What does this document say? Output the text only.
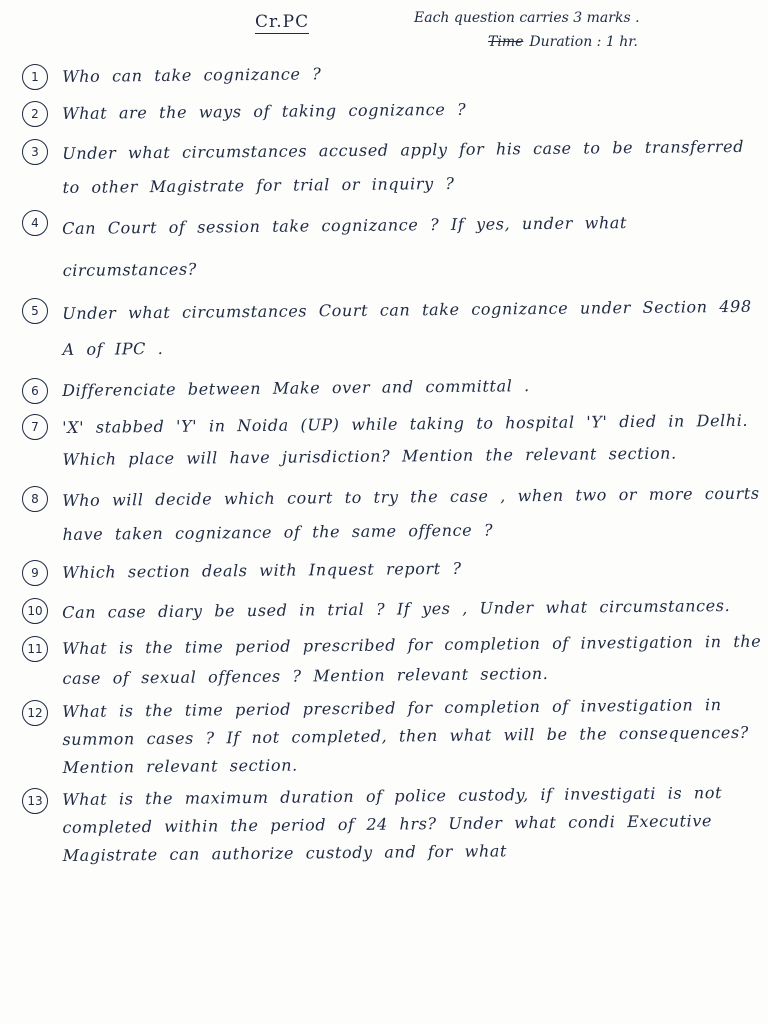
Cr.PC	Each question carries 3 marks .
Time Duration : 1 hr.
1	Who can take cognizance ?
2	What are the ways of taking cognizance ?
3	Under what circumstances accused apply for his case to be transferred to other Magistrate for trial or inquiry ?
4	Can Court of session take cognizance ? If yes, under what circumstances?
5	Under what circumstances Court can take cognizance under Section 498 A of IPC .
6	Differenciate between Make over and committal .
7	'X' stabbed 'Y' in Noida (UP) while taking to hospital 'Y' died in Delhi. Which place will have jurisdiction? Mention the relevant section.
8	Who will decide which court to try the case , when two or more courts have taken cognizance of the same offence ?
9	Which section deals with Inquest report ?
10	Can case diary be used in trial ? If yes , Under what circumstances.
11	What is the time period prescribed for completion of investigation in the case of sexual offences ? Mention relevant section.
12	What is the time period prescribed for completion of investigation in summon cases ? If not completed, then what will be the consequences? Mention relevant section.
13	What is the maximum duration of police custody, if investigati is not completed within the period of 24 hrs? Under what condi Executive Magistrate can authorize custody and for what
